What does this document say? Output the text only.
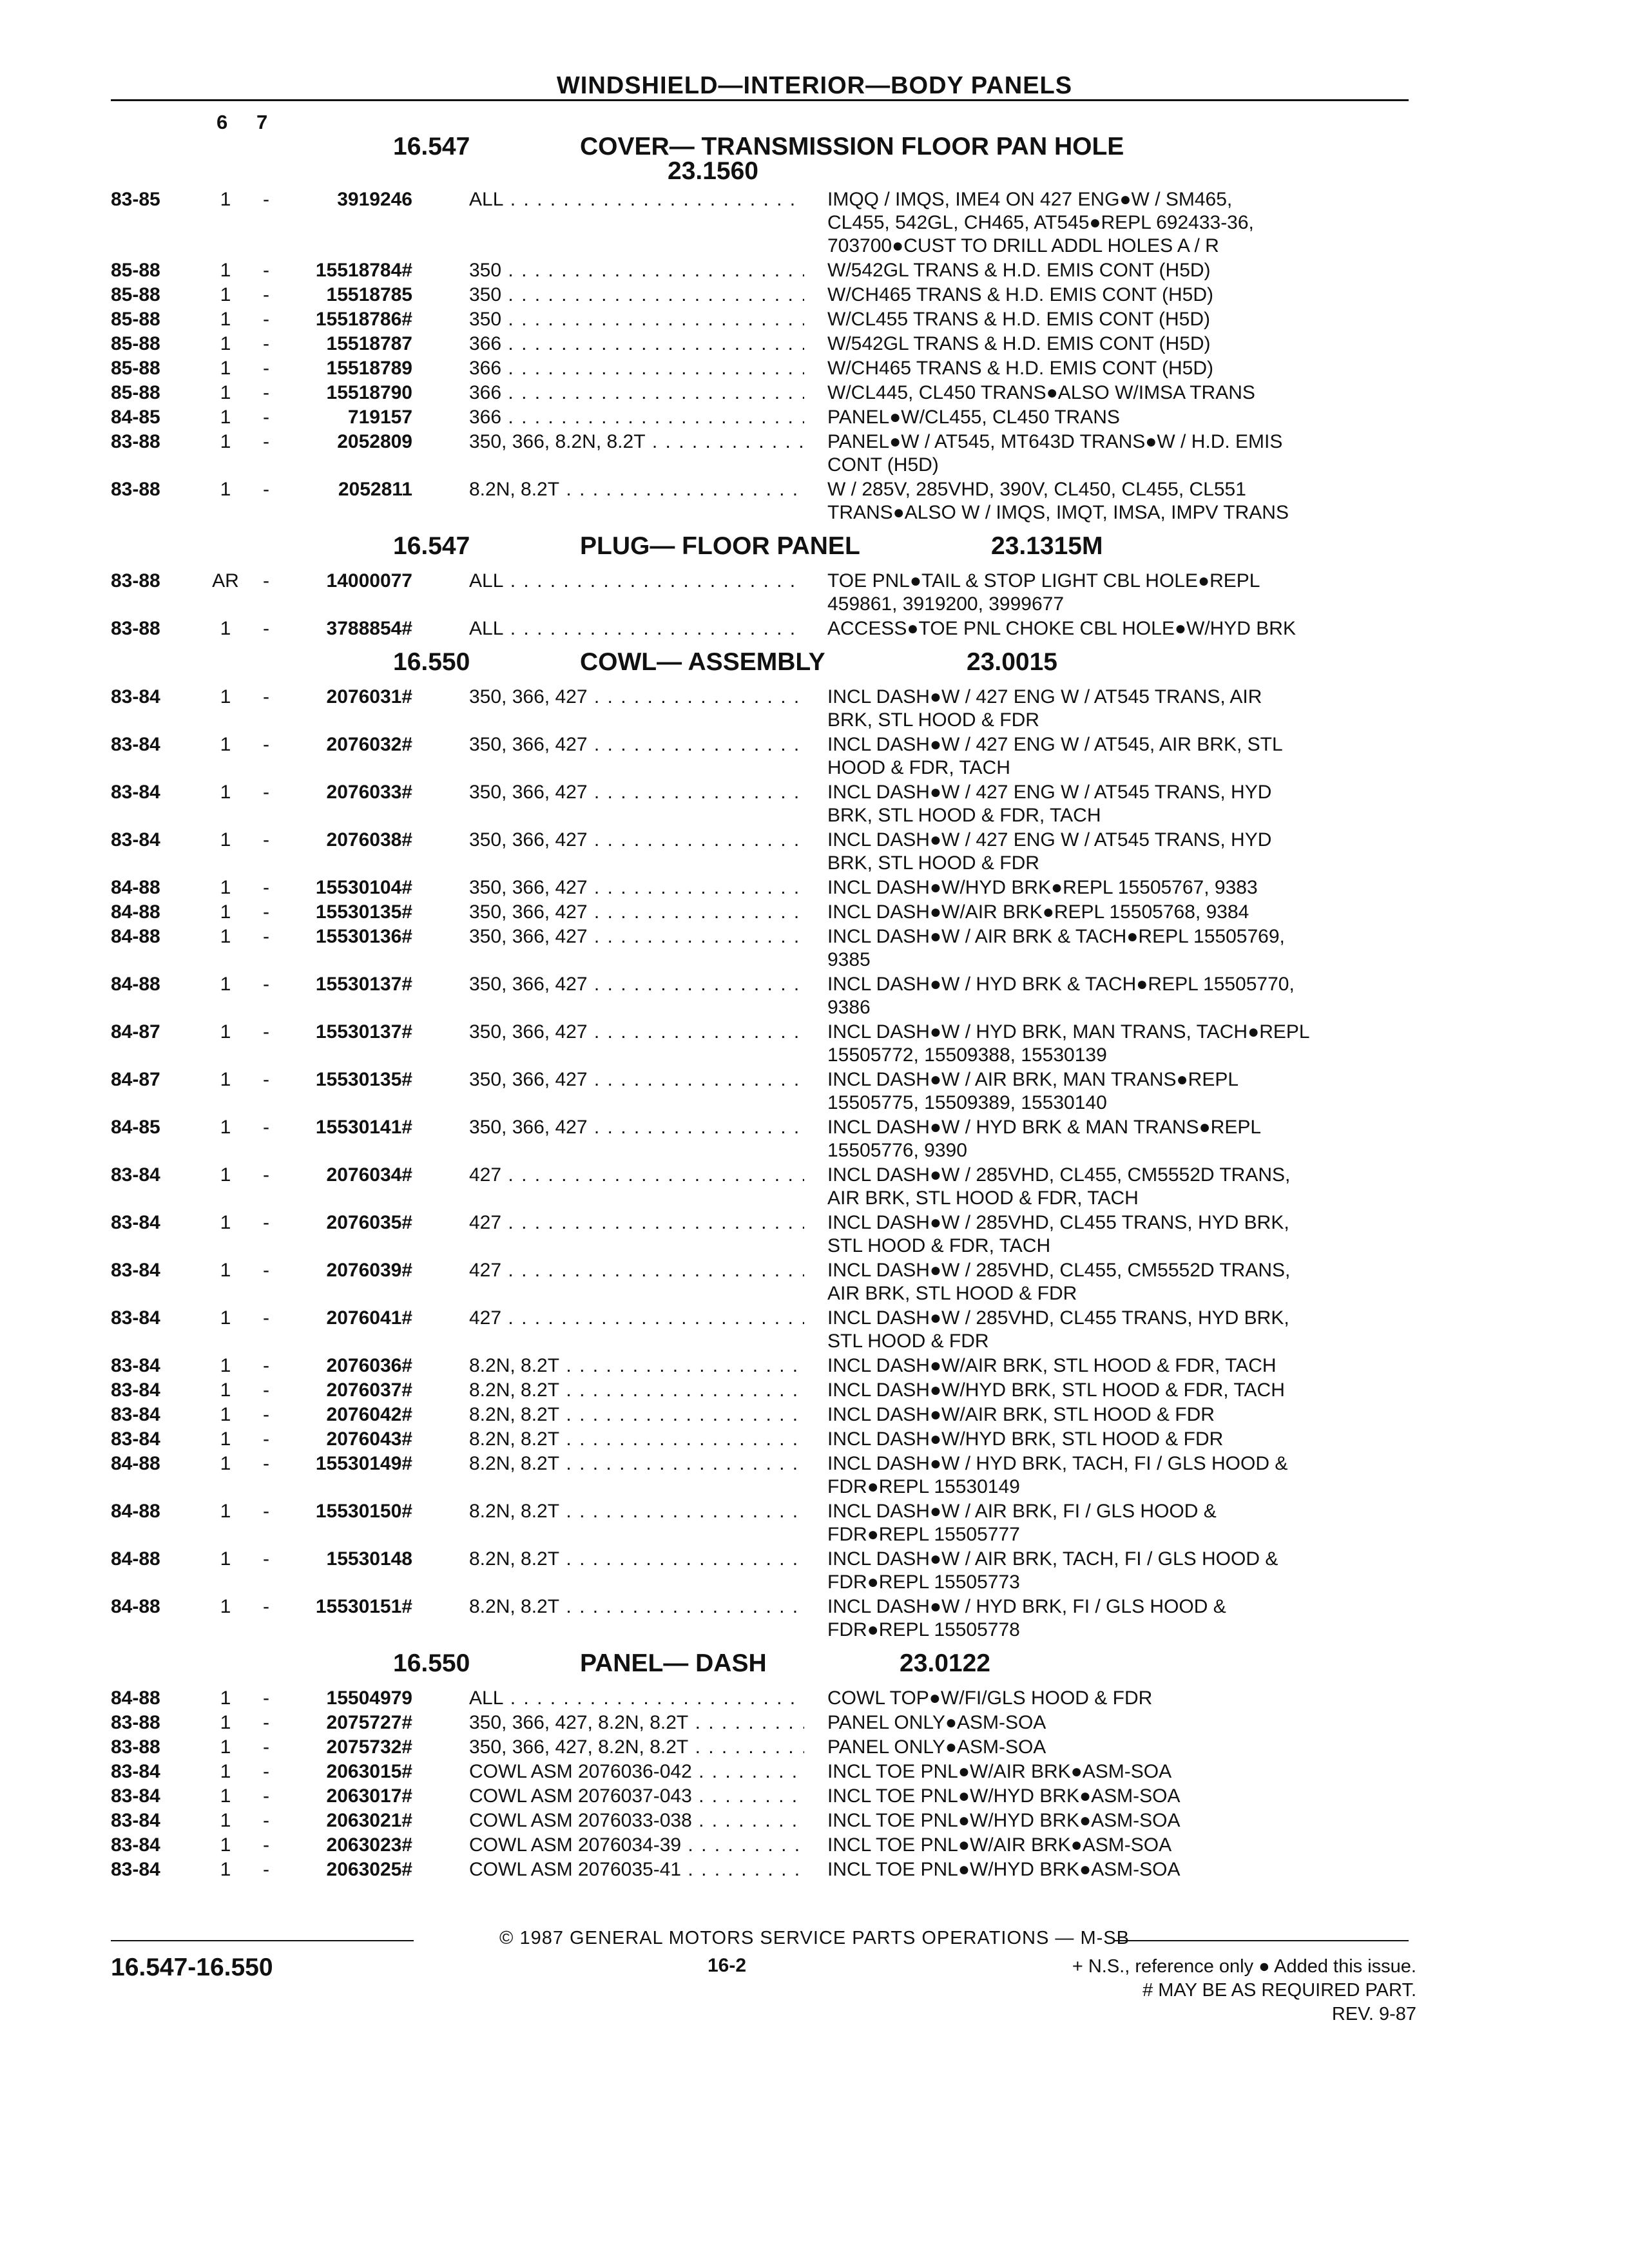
WINDSHIELD—INTERIOR—BODY PANELS
6 7
16.547	COVER— TRANSMISSION FLOOR PAN HOLE
23.1560
83-85	1	-	3919246	ALL . . .	IMQQ / IMQS, IME4 ON 427 ENG●W / SM465,
CL455, 542GL, CH465, AT545●REPL 692433-36,
703700●CUST TO DRILL ADDL HOLES A / R
85-88	1	- 15518784#	350 . . .	W/542GL TRANS & H.D. EMIS CONT (H5D)
85-88	1	-	15518785	350 . . .	W/CH465 TRANS & H.D. EMIS CONT (H5D)
85-88	1	- 15518786#	350 . . .	W/CL455 TRANS & H.D. EMIS CONT (H5D)
85-88	1	-	15518787	366 . . .	W/542GL TRANS & H.D. EMIS CONT (H5D)
85-88	1	-	15518789	366 . . .	W/CH465 TRANS & H.D. EMIS CONT (H5D)
85-88	1	-	15518790	366 . . .	W/CL445, CL450 TRANS●ALSO W/IMSA TRANS
84-85	1	-	719157	366 . . .	PANEL●W/CL455, CL450 TRANS
83-88	1	-	2052809	350, 366, 8.2N, 8.2T . . .	PANEL●W / AT545, MT643D TRANS●W / H.D. EMIS
CONT (H5D)
83-88	1	-	2052811	8.2N, 8.2T . . .	W / 285V, 285VHD, 390V, CL450, CL455, CL551
TRANS●ALSO W / IMQS, IMQT, IMSA, IMPV TRANS
16.547	PLUG— FLOOR PANEL	23.1315M
83-88	AR	-	14000077	ALL . . .	TOE PNL●TAIL & STOP LIGHT CBL HOLE●REPL
459861, 3919200, 3999677
83-88	1	-	3788854#	ALL . . .	ACCESS●TOE PNL CHOKE CBL HOLE●W/HYD BRK
16.550	COWL— ASSEMBLY	23.0015
83-84	1	-	2076031#	350, 366, 427 . . .	INCL DASH●W / 427 ENG W / AT545 TRANS, AIR
BRK, STL HOOD & FDR
83-84	1	-	2076032#	350, 366, 427 . . .	INCL DASH●W / 427 ENG W / AT545, AIR BRK, STL
HOOD & FDR, TACH
83-84	1	-	2076033#	350, 366, 427 . . .	INCL DASH●W / 427 ENG W / AT545 TRANS, HYD
BRK, STL HOOD & FDR, TACH
83-84	1	-	2076038#	350, 366, 427 . . .	INCL DASH●W / 427 ENG W / AT545 TRANS, HYD
BRK, STL HOOD & FDR
84-88	1	- 15530104#	350, 366, 427 . . .	INCL DASH●W/HYD BRK●REPL 15505767, 9383
84-88	1	- 15530135#	350, 366, 427 . . .	INCL DASH●W/AIR BRK●REPL 15505768, 9384
84-88	1	- 15530136#	350, 366, 427 . . .	INCL DASH●W / AIR BRK & TACH●REPL 15505769,
9385
84-88	1	- 15530137#	350, 366, 427 . . .	INCL DASH●W / HYD BRK & TACH●REPL 15505770,
9386
84-87	1	- 15530137#	350, 366, 427 . . .	INCL DASH●W / HYD BRK, MAN TRANS, TACH●REPL
15505772, 15509388, 15530139
84-87	1	- 15530135#	350, 366, 427 . . .	INCL DASH●W / AIR BRK, MAN TRANS●REPL
15505775, 15509389, 15530140
84-85	1	- 15530141#	350, 366, 427 . . .	INCL DASH●W / HYD BRK & MAN TRANS●REPL
15505776, 9390
83-84	1	-	2076034#	427 . . .	INCL DASH●W / 285VHD, CL455, CM5552D TRANS,
AIR BRK, STL HOOD & FDR, TACH
83-84	1	-	2076035#	427 . . .	INCL DASH●W / 285VHD, CL455 TRANS, HYD BRK,
STL HOOD & FDR, TACH
83-84	1	-	2076039#	427 . . .	INCL DASH●W / 285VHD, CL455, CM5552D TRANS,
AIR BRK, STL HOOD & FDR
83-84	1	-	2076041#	427 . . .	INCL DASH●W / 285VHD, CL455 TRANS, HYD BRK,
STL HOOD & FDR
83-84	1	-	2076036#	8.2N, 8.2T . . .	INCL DASH●W/AIR BRK, STL HOOD & FDR, TACH
83-84	1	-	2076037#	8.2N, 8.2T . . .	INCL DASH●W/HYD BRK, STL HOOD & FDR, TACH
83-84	1	-	2076042#	8.2N, 8.2T . . .	INCL DASH●W/AIR BRK, STL HOOD & FDR
83-84	1	-	2076043#	8.2N, 8.2T . . .	INCL DASH●W/HYD BRK, STL HOOD & FDR
84-88	1	- 15530149#	8.2N, 8.2T . . .	INCL DASH●W / HYD BRK, TACH, FI / GLS HOOD &
FDR●REPL 15530149
84-88	1	- 15530150#	8.2N, 8.2T . . .	INCL DASH●W / AIR BRK, FI / GLS HOOD &
FDR●REPL 15505777
84-88	1	-	15530148	8.2N, 8.2T . . .	INCL DASH●W / AIR BRK, TACH, FI / GLS HOOD &
FDR●REPL 15505773
84-88	1	- 15530151#	8.2N, 8.2T . . .	INCL DASH●W / HYD BRK, FI / GLS HOOD &
FDR●REPL 15505778
16.550	PANEL— DASH	23.0122
84-88	1	-	15504979	ALL . . .	COWL TOP●W/FI/GLS HOOD & FDR
83-88	1	-	2075727#	350, 366, 427, 8.2N, 8.2T . . .	PANEL ONLY●ASM-SOA
83-88	1	-	2075732#	350, 366, 427, 8.2N, 8.2T . . .	PANEL ONLY●ASM-SOA
83-84	1	-	2063015#	COWL ASM 2076036-042 . . .	INCL TOE PNL●W/AIR BRK●ASM-SOA
83-84	1	-	2063017#	COWL ASM 2076037-043 . . .	INCL TOE PNL●W/HYD BRK●ASM-SOA
83-84	1	-	2063021#	COWL ASM 2076033-038 . . .	INCL TOE PNL●W/HYD BRK●ASM-SOA
83-84	1	-	2063023#	COWL ASM 2076034-39 . . .	INCL TOE PNL●W/AIR BRK●ASM-SOA
83-84	1	-	2063025#	COWL ASM 2076035-41 . . .	INCL TOE PNL●W/HYD BRK●ASM-SOA
© 1987 GENERAL MOTORS SERVICE PARTS OPERATIONS — M-SB
16.547-16.550	16-2	+ N.S., reference only ● Added this issue.
# MAY BE AS REQUIRED PART.
REV. 9-87
